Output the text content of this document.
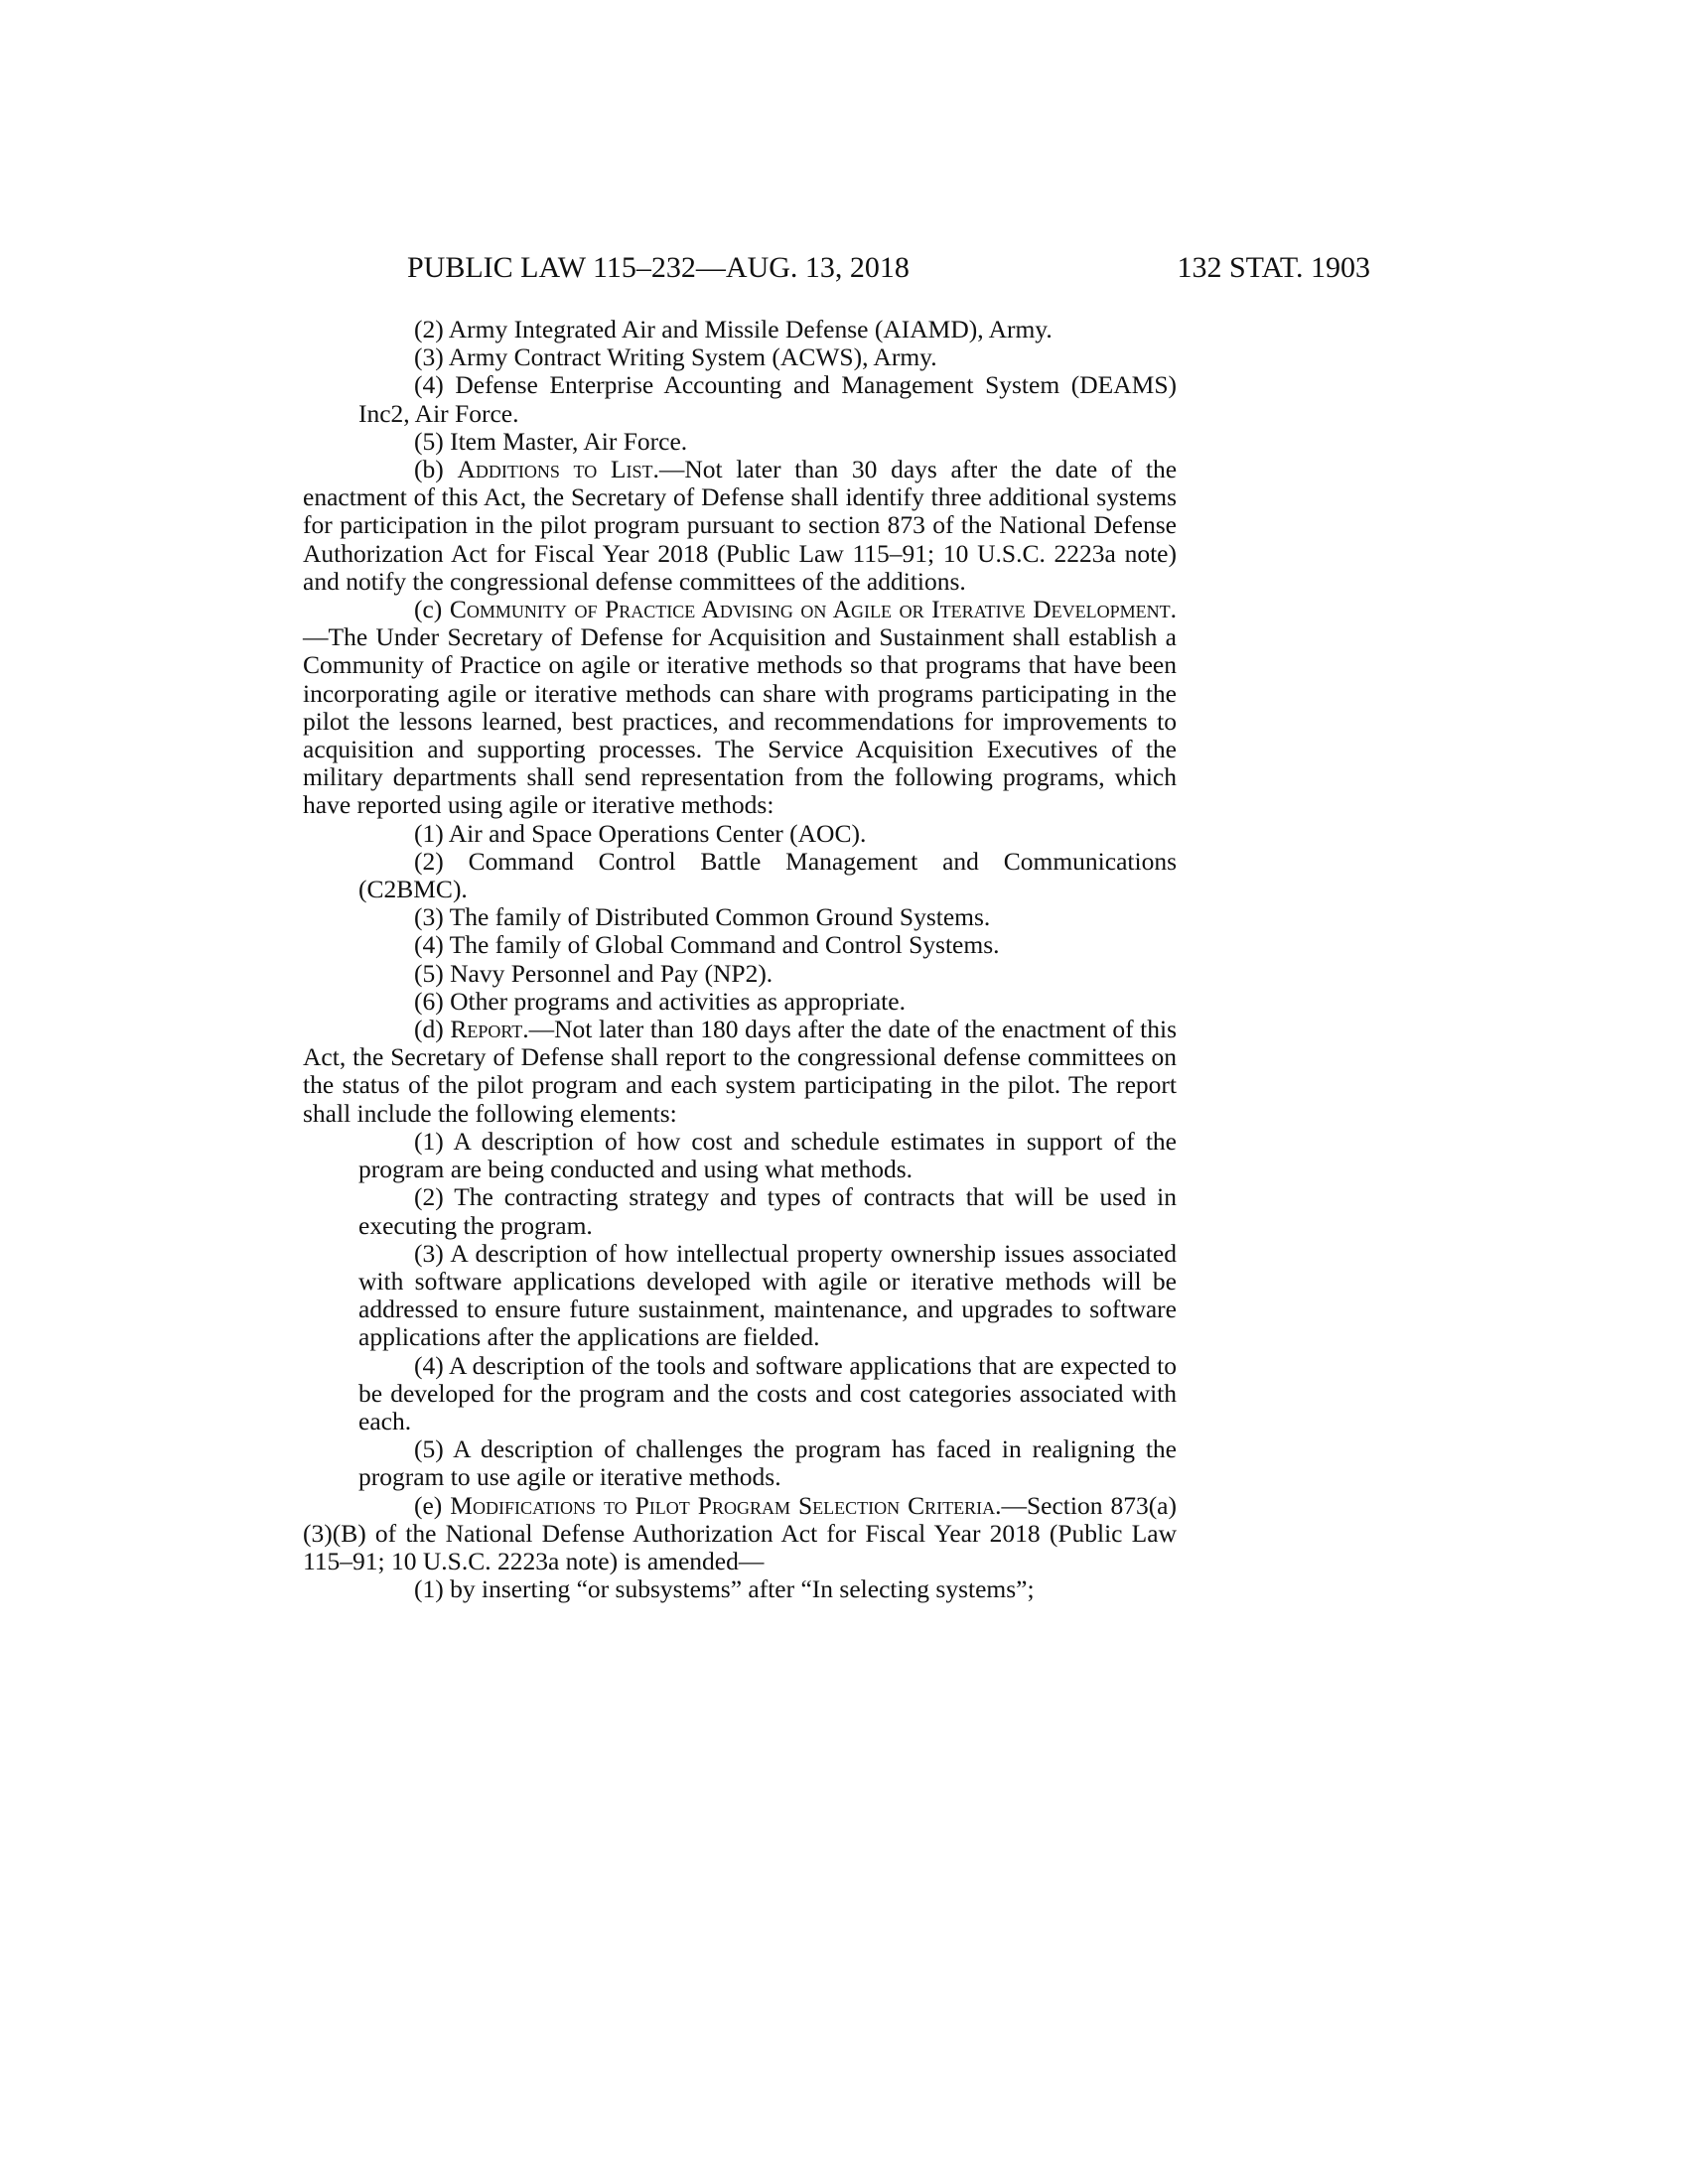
PUBLIC LAW 115–232—AUG. 13, 2018	132 STAT. 1903

(2) Army Integrated Air and Missile Defense (AIAMD), Army.

(3) Army Contract Writing System (ACWS), Army.

(4) Defense Enterprise Accounting and Management System (DEAMS) Inc2, Air Force.

(5) Item Master, Air Force.

(b) Additions to List.—Not later than 30 days after the date of the enactment of this Act, the Secretary of Defense shall identify three additional systems for participation in the pilot program pursuant to section 873 of the National Defense Authorization Act for Fiscal Year 2018 (Public Law 115–91; 10 U.S.C. 2223a note) and notify the congressional defense committees of the additions.

(c) Community of Practice Advising on Agile or Iterative Development.—The Under Secretary of Defense for Acquisition and Sustainment shall establish a Community of Practice on agile or iterative methods so that programs that have been incorporating agile or iterative methods can share with programs participating in the pilot the lessons learned, best practices, and recommendations for improvements to acquisition and supporting processes. The Service Acquisition Executives of the military departments shall send representation from the following programs, which have reported using agile or iterative methods:

(1) Air and Space Operations Center (AOC).

(2) Command Control Battle Management and Communications (C2BMC).

(3) The family of Distributed Common Ground Systems.

(4) The family of Global Command and Control Systems.

(5) Navy Personnel and Pay (NP2).

(6) Other programs and activities as appropriate.

(d) Report.—Not later than 180 days after the date of the enactment of this Act, the Secretary of Defense shall report to the congressional defense committees on the status of the pilot program and each system participating in the pilot. The report shall include the following elements:

(1) A description of how cost and schedule estimates in support of the program are being conducted and using what methods.

(2) The contracting strategy and types of contracts that will be used in executing the program.

(3) A description of how intellectual property ownership issues associated with software applications developed with agile or iterative methods will be addressed to ensure future sustainment, maintenance, and upgrades to software applications after the applications are fielded.

(4) A description of the tools and software applications that are expected to be developed for the program and the costs and cost categories associated with each.

(5) A description of challenges the program has faced in realigning the program to use agile or iterative methods.

(e) Modifications to Pilot Program Selection Criteria.—Section 873(a)(3)(B) of the National Defense Authorization Act for Fiscal Year 2018 (Public Law 115–91; 10 U.S.C. 2223a note) is amended—

(1) by inserting “or subsystems” after “In selecting systems”;
